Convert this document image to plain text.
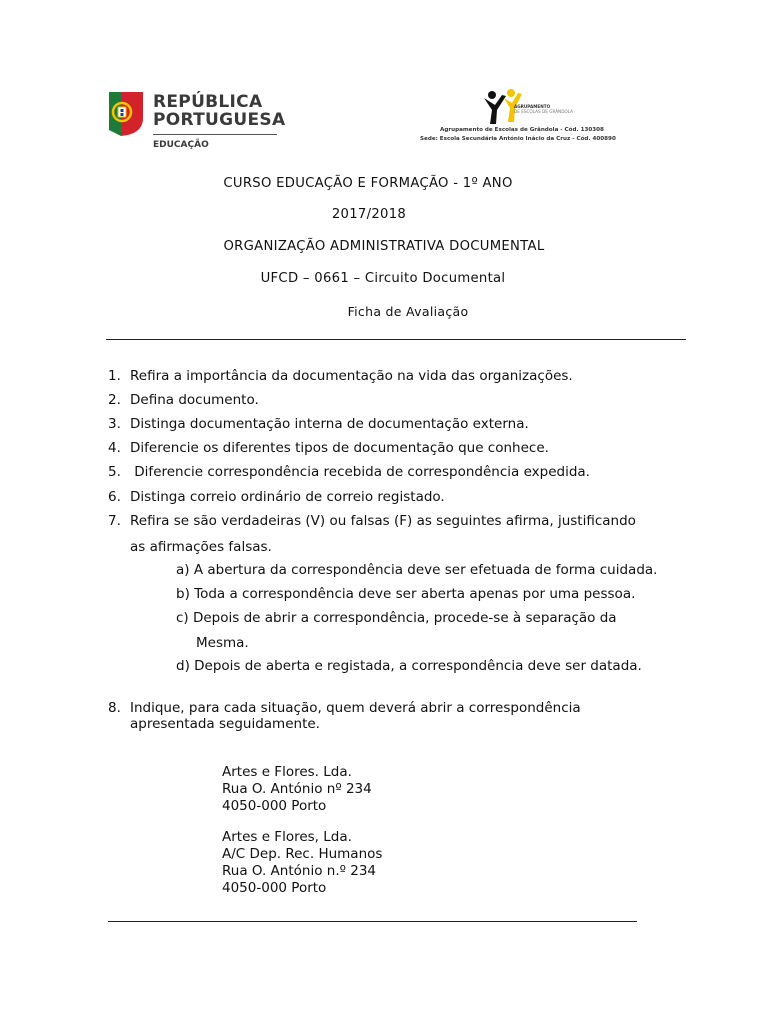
REPÚBLICA
PORTUGUESA
EDUCAÇÃO
AGRUPAMENTO
DE ESCOLAS DE GRÂNDOLA
Agrupamento de Escolas de Grândola - Cód. 130308
Sede: Escola Secundária António Inácio da Cruz - Cód. 400890
CURSO EDUCAÇÃO E FORMAÇÃO - 1º ANO
2017/2018
ORGANIZAÇÃO ADMINISTRATIVA DOCUMENTAL
UFCD – 0661 – Circuito Documental
Ficha de Avaliação
1. Refira a importância da documentação na vida das organizações.
2. Defina documento.
3. Distinga documentação interna de documentação externa.
4. Diferencie os diferentes tipos de documentação que conhece.
5. Diferencie correspondência recebida de correspondência expedida.
6. Distinga correio ordinário de correio registado.
7. Refira se são verdadeiras (V) ou falsas (F) as seguintes afirma, justificando
as afirmações falsas.
a) A abertura da correspondência deve ser efetuada de forma cuidada.
b) Toda a correspondência deve ser aberta apenas por uma pessoa.
c) Depois de abrir a correspondência, procede-se à separação da
Mesma.
d) Depois de aberta e registada, a correspondência deve ser datada.
8. Indique, para cada situação, quem deverá abrir a correspondência
apresentada seguidamente.
Artes e Flores. Lda.
Rua O. António nº 234
4050-000 Porto
Artes e Flores, Lda.
A/C Dep. Rec. Humanos
Rua O. António n.º 234
4050-000 Porto
